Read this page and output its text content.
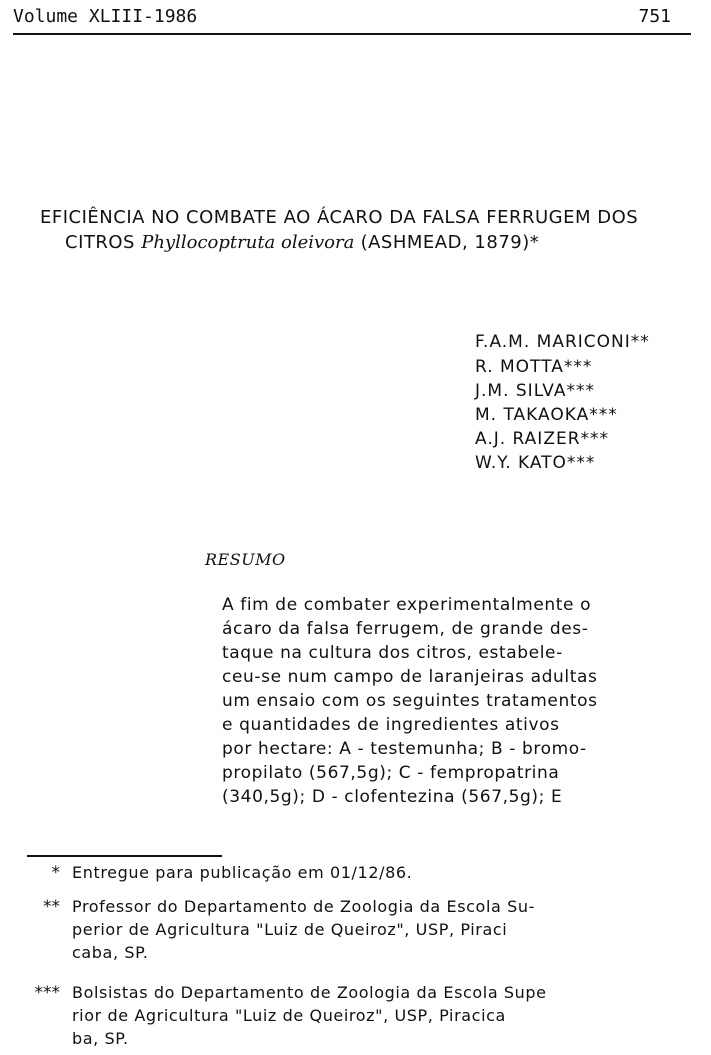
Volume XLIII-1986	751
EFICIÊNCIA NO COMBATE AO ÁCARO DA FALSA FERRUGEM DOS
CITROS Phyllocoptruta oleivora (ASHMEAD, 1879)*
F.A.M. MARICONI**
R. MOTTA***
J.M. SILVA***
M. TAKAOKA***
A.J. RAIZER***
W.Y. KATO***
RESUMO
A fim de combater experimentalmente o
ácaro da falsa ferrugem, de grande des-
taque na cultura dos citros, estabele-
ceu-se num campo de laranjeiras adultas
um ensaio com os seguintes tratamentos
e quantidades de ingredientes ativos
por hectare: A - testemunha; B - bromo-
propilato (567,5g); C - fempropatrina
(340,5g); D - clofentezina (567,5g); E
* Entregue para publicação em 01/12/86.
** Professor do Departamento de Zoologia da Escola Su-
perior de Agricultura "Luiz de Queiroz", USP, Piraci
caba, SP.
*** Bolsistas do Departamento de Zoologia da Escola Supe
rior de Agricultura "Luiz de Queiroz", USP, Piracica
ba, SP.
